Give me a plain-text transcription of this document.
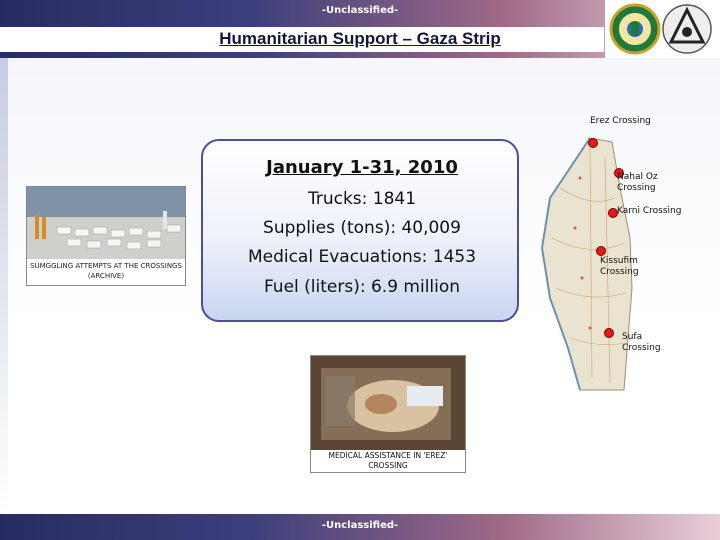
-Unclassified-
Humanitarian Support – Gaza Strip
-Unclassified-
SUMGGLING ATTEMPTS AT THE CROSSINGS (ARCHIVE)
January 1-31, 2010
Trucks: 1841
Supplies (tons): 40,009
Medical Evacuations: 1453
Fuel (liters): 6.9 million
Erez Crossing
Nahal Oz Crossing
Karni Crossing
Kissufim Crossing
Sufa Crossing
MEDICAL ASSISTANCE IN 'EREZ' CROSSING
